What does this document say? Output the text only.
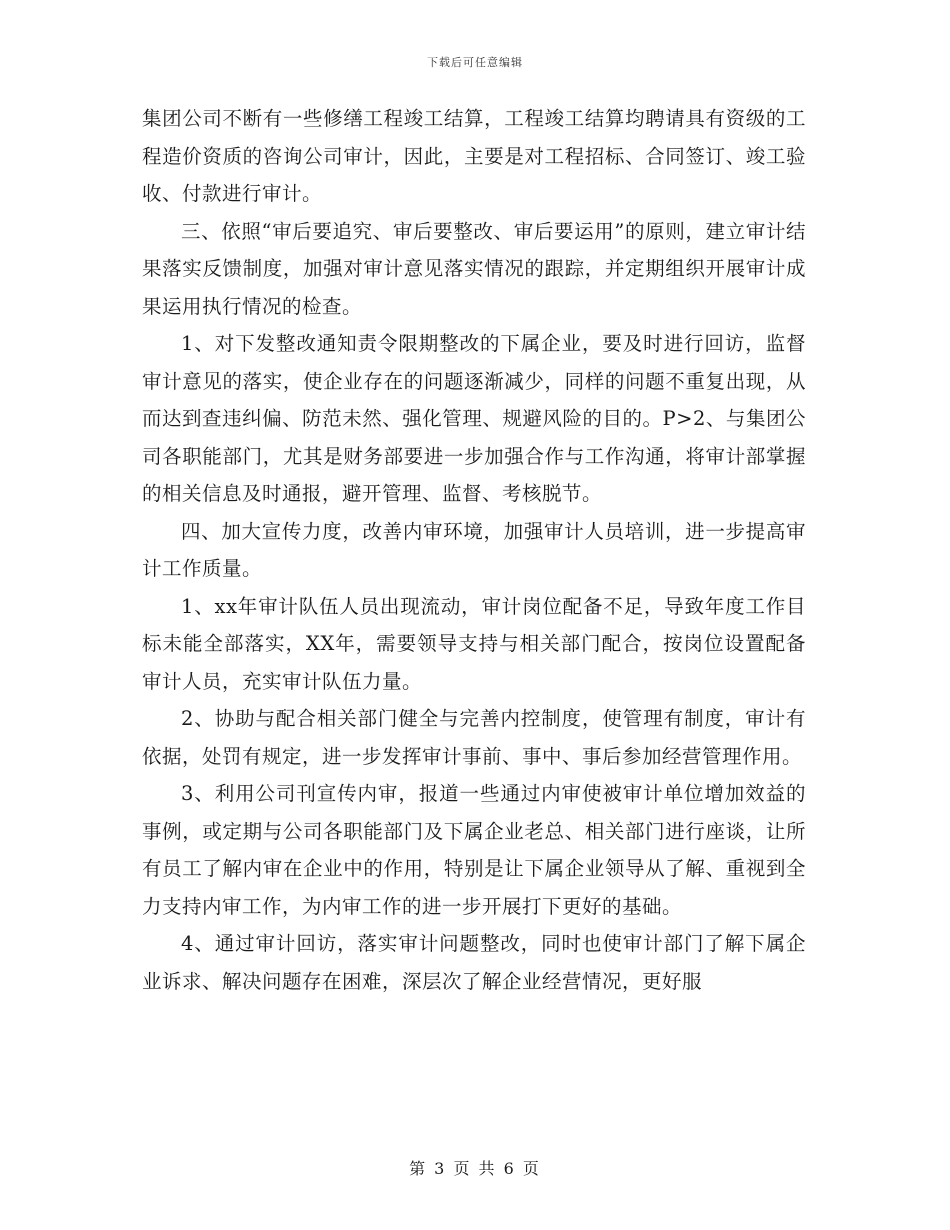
下载后可任意编辑

集团公司不断有一些修缮工程竣工结算，工程竣工结算均聘请具有资级的工程造价资质的咨询公司审计，因此，主要是对工程招标、合同签订、竣工验收、付款进行审计。

三、依照“审后要追究、审后要整改、审后要运用”的原则，建立审计结果落实反馈制度，加强对审计意见落实情况的跟踪，并定期组织开展审计成果运用执行情况的检查。

1、对下发整改通知责令限期整改的下属企业，要及时进行回访，监督审计意见的落实，使企业存在的问题逐渐减少，同样的问题不重复出现，从而达到查违纠偏、防范未然、强化管理、规避风险的目的。P>2、与集团公司各职能部门，尤其是财务部要进一步加强合作与工作沟通，将审计部掌握的相关信息及时通报，避开管理、监督、考核脱节。

四、加大宣传力度，改善内审环境，加强审计人员培训，进一步提高审计工作质量。

1、xx年审计队伍人员出现流动，审计岗位配备不足，导致年度工作目标未能全部落实，XX年，需要领导支持与相关部门配合，按岗位设置配备审计人员，充实审计队伍力量。

2、协助与配合相关部门健全与完善内控制度，使管理有制度，审计有依据，处罚有规定，进一步发挥审计事前、事中、事后参加经营管理作用。

3、利用公司刊宣传内审，报道一些通过内审使被审计单位增加效益的事例，或定期与公司各职能部门及下属企业老总、相关部门进行座谈，让所有员工了解内审在企业中的作用，特别是让下属企业领导从了解、重视到全力支持内审工作，为内审工作的进一步开展打下更好的基础。

4、通过审计回访，落实审计问题整改，同时也使审计部门了解下属企业诉求、解决问题存在困难，深层次了解企业经营情况，更好服

第 3 页 共 6 页
